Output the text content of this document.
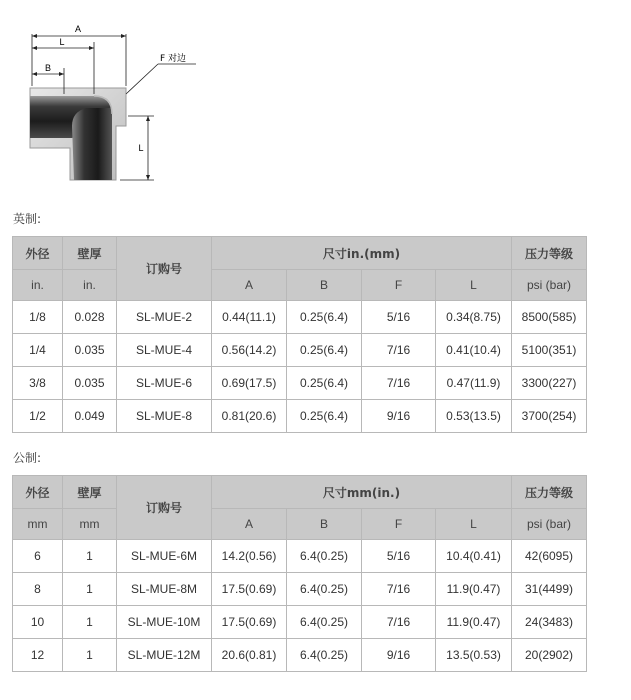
A
L
B
F 对边
L
英制:
外径	壁厚	订购号	尺寸in.(mm)				压力等级
in.	in.		A	B	F	L	psi (bar)
1/8	0.028	SL-MUE-2	0.44(11.1)	0.25(6.4)	5/16	0.34(8.75)	8500(585)
1/4	0.035	SL-MUE-4	0.56(14.2)	0.25(6.4)	7/16	0.41(10.4)	5100(351)
3/8	0.035	SL-MUE-6	0.69(17.5)	0.25(6.4)	7/16	0.47(11.9)	3300(227)
1/2	0.049	SL-MUE-8	0.81(20.6)	0.25(6.4)	9/16	0.53(13.5)	3700(254)
公制:
外径	壁厚	订购号	尺寸mm(in.)				压力等级
mm	mm		A	B	F	L	psi (bar)
6	1	SL-MUE-6M	14.2(0.56)	6.4(0.25)	5/16	10.4(0.41)	42(6095)
8	1	SL-MUE-8M	17.5(0.69)	6.4(0.25)	7/16	11.9(0.47)	31(4499)
10	1	SL-MUE-10M	17.5(0.69)	6.4(0.25)	7/16	11.9(0.47)	24(3483)
12	1	SL-MUE-12M	20.6(0.81)	6.4(0.25)	9/16	13.5(0.53)	20(2902)
